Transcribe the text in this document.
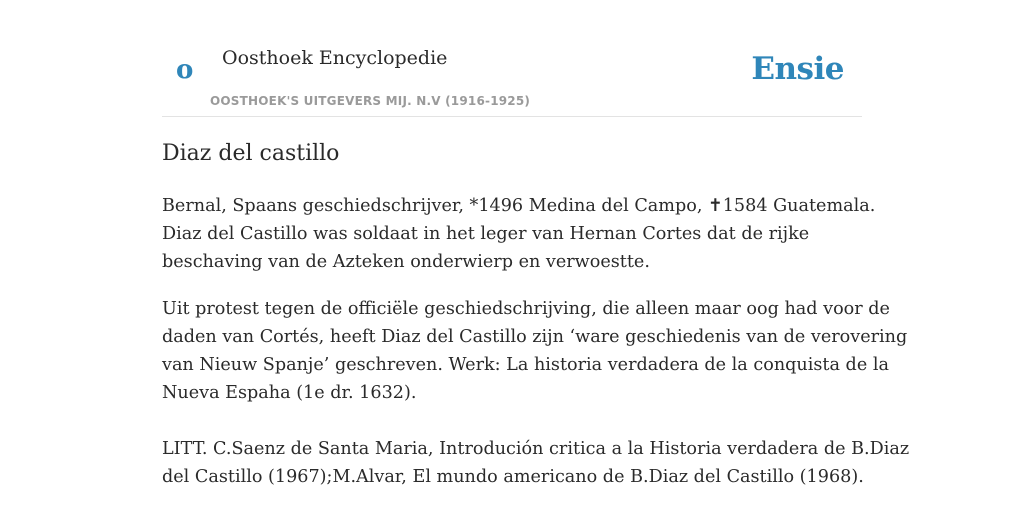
o Oosthoek Encyclopedie
OOSTHOEK'S UITGEVERS MIJ. N.V (1916-1925)
Ensie
Diaz del castillo

Bernal, Spaans geschiedschrijver, *1496 Medina del Campo, ✝1584 Guatemala.
Diaz del Castillo was soldaat in het leger van Hernan Cortes dat de rijke
beschaving van de Azteken onderwierp en verwoestte.

Uit protest tegen de officiële geschiedschrijving, die alleen maar oog had voor de
daden van Cortés, heeft Diaz del Castillo zijn ‘ware geschiedenis van de verovering
van Nieuw Spanje’ geschreven. Werk: La historia verdadera de la conquista de la
Nueva Espaha (1e dr. 1632).

LITT. C.Saenz de Santa Maria, Introdución critica a la Historia verdadera de B.Diaz
del Castillo (1967);M.Alvar, El mundo americano de B.Diaz del Castillo (1968).
